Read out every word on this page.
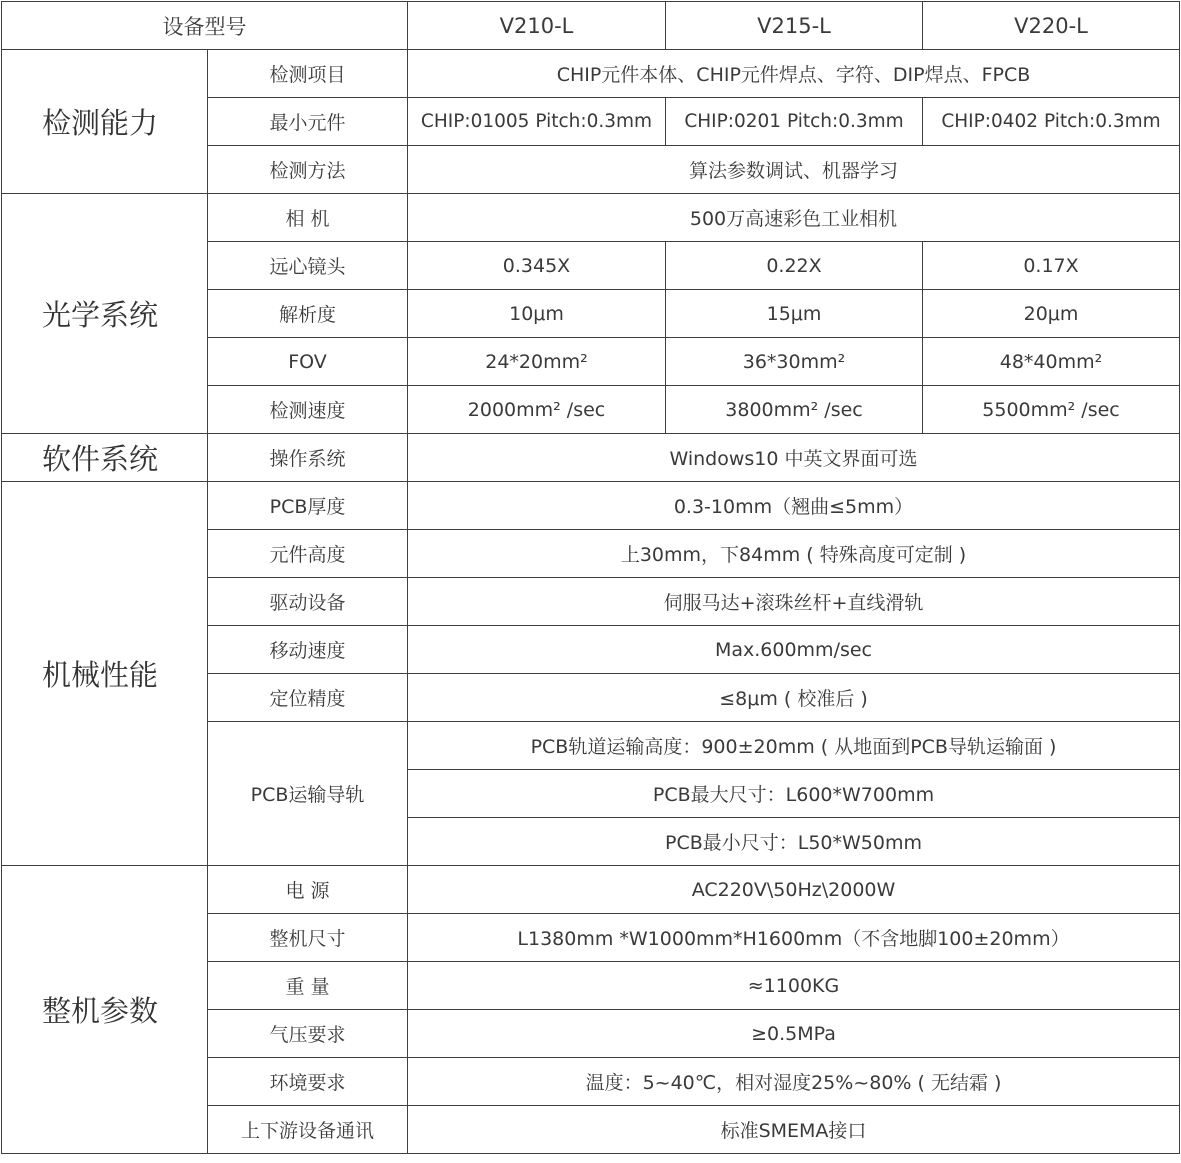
设备型号		V210-L	V215-L	V220-L
检测能力	检测项目	CHIP元件本体、CHIP元件焊点、字符、DIP焊点、FPCB		
	最小元件	CHIP:01005 Pitch:0.3mm	CHIP:0201 Pitch:0.3mm	CHIP:0402 Pitch:0.3mm
	检测方法	算法参数调试、机器学习		
光学系统	相 机	500万高速彩色工业相机		
	远心镜头	0.345X	0.22X	0.17X
	解析度	10μm	15μm	20μm
	FOV	24*20mm²	36*30mm²	48*40mm²
	检测速度	2000mm² /sec	3800mm² /sec	5500mm² /sec
软件系统	操作系统	Windows10 中英文界面可选		
机械性能	PCB厚度	0.3-10mm（翘曲≤5mm）		
	元件高度	上30mm，下84mm ( 特殊高度可定制 )		
	驱动设备	伺服马达+滚珠丝杆+直线滑轨		
	移动速度	Max.600mm/sec		
	定位精度	≤8μm ( 校准后 )		
	PCB运输导轨	PCB轨道运输高度：900±20mm ( 从地面到PCB导轨运输面 )		
		PCB最大尺寸：L600*W700mm		
		PCB最小尺寸：L50*W50mm		
整机参数	电 源	AC220V\50Hz\2000W		
	整机尺寸	L1380mm *W1000mm*H1600mm（不含地脚100±20mm）		
	重 量	≈1100KG		
	气压要求	≥0.5MPa		
	环境要求	温度：5~40℃，相对湿度25%~80% ( 无结霜 )		
	上下游设备通讯	标准SMEMA接口		
